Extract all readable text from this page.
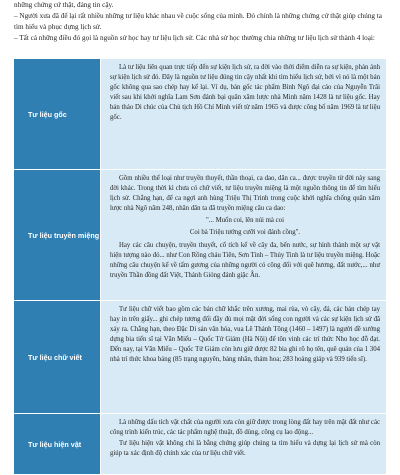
những chứng cứ thật, đáng tin cậy.

– Người xưa đã để lại rất nhiều những tư liệu khác nhau về cuộc sống của mình. Đó chính là những chứng cứ thật giúp chúng ta tìm hiểu và phục dựng lịch sử.

– Tất cả những điều đó gọi là nguồn sử học hay tư liệu lịch sử. Các nhà sử học thường chia những tư liệu lịch sử thành 4 loại:

Tư liệu gốc

Là tư liệu liên quan trực tiếp đến sự kiện lịch sử, ra đời vào thời điểm diễn ra sự kiện, phản ánh sự kiện lịch sử đó. Đây là nguồn tư liệu đúng tin cậy nhất khi tìm hiểu lịch sử, bởi vì nó là một bản gốc không qua sao chép hay kể lại. Ví dụ, bản gốc tác phẩm Bình Ngô đại cáo của Nguyễn Trãi viết sau khi khởi nghĩa Lam Sơn đánh bại quân xâm lược nhà Minh năm 1428 là tư liệu gốc. Hay bản thảo Di chúc của Chủ tịch Hồ Chí Minh viết từ năm 1965 và được công bố năm 1969 là tư liệu gốc.

Tư liệu truyền miệng

Gồm nhiều thể loại như truyền thuyết, thần thoại, ca dao, dân ca... được truyền từ đời này sang đời khác. Trong thời kì chưa có chữ viết, tư liệu truyền miệng là một nguồn thông tin để tìm hiểu lịch sử. Chẳng hạn, để ca ngợi anh hùng Triệu Thị Trinh trong cuộc khởi nghĩa chống quân xâm lược nhà Ngô năm 248, nhân dân ta đã truyền miệng câu ca dao:

"... Muốn coi, lên núi mà coi

Coi bà Triệu tướng cưỡi voi đánh cồng".

Hay các câu chuyện, truyền thuyết, cổ tích kể về cây đa, bến nước, sự hình thành một sự vật hiện tượng nào đó... như Con Rồng cháu Tiên, Sơn Tinh – Thủy Tinh là tư liệu truyền miệng. Hoặc những câu chuyện kể về tấm gương của những người có công đối với quê hương, đất nước,... như truyền Thần đồng đất Việt, Thánh Gióng đánh giặc Ân.

Tư liệu chữ viết

Tư liệu chữ viết bao gồm các bản chữ khắc trên xương, mai rùa, vò cây, đá, các bản chép tay hay in trên giấy... ghi chép tương đối đầy đủ mọi mặt đời sống con người và các sự kiện lịch sử đã xảy ra. Chẳng hạn, theo Đặc Di sản văn hóa, vua Lê Thánh Tông (1460 – 1497) là người đề xướng dựng bia tiến sĩ tại Văn Miếu – Quốc Tử Giám (Hà Nội) để tôn vinh các trí thức Nho học đỗ đạt. Đến nay, tại Văn Miếu – Quốc Tử Giám còn lưu giữ được 82 bia ghi rõ họ tên, quê quán của 1 304 nhà trí thức khoa bảng (85 trạng nguyên, bảng nhãn, thám hoa; 283 hoàng giáp và 939 tiến sĩ).

Tư liệu hiện vật

Là những dấu tích vật chất của người xưa còn giữ được trong lòng đất hay trên mặt đất như các công trình kiến trúc, các tác phẩm nghệ thuật, đồ dùng, công cụ lao động...

Tư liệu hiện vật không chỉ là bằng chứng giúp chúng ta tìm hiểu và dựng lại lịch sử mà còn giúp ta xác định độ chính xác của tư liệu chữ viết.
